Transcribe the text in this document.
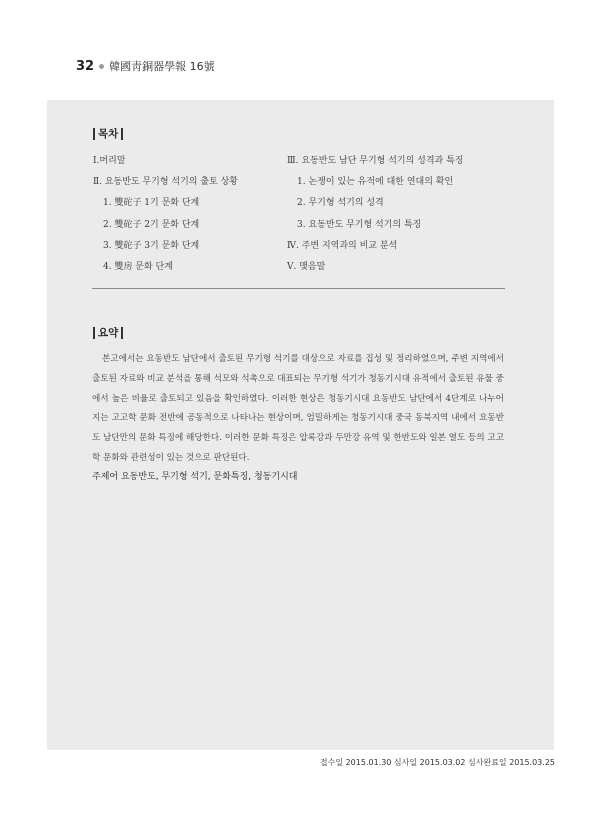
32 韓國靑銅器學報 16號
목차
Ⅰ.머리말
Ⅱ. 요동반도 무기형 석기의 출토 상황
1. 雙砣子 1기 문화 단계
2. 雙砣子 2기 문화 단계
3. 雙砣子 3기 문화 단계
4. 雙房 문화 단계
Ⅲ. 요동반도 남단 무기형 석기의 성격과 특징
1. 논쟁이 있는 유적에 대한 연대의 확인
2. 무기형 석기의 성격
3. 요동반도 무기형 석기의 특징
Ⅳ. 주변 지역과의 비교 분석
Ⅴ. 맺음말
요약
본고에서는 요동반도 남단에서 출토된 무기형 석기를 대상으로 자료를 집성 및 정리하였으며, 주변 지역에서 출토된 자료와 비교 분석을 통해 석모와 석촉으로 대표되는 무기형 석기가 청동기시대 유적에서 출토된 유물 중에서 높은 비율로 출토되고 있음을 확인하였다. 이러한 현상은 청동기시대 요동반도 남단에서 4단계로 나누어지는 고고학 문화 전반에 공동적으로 나타나는 현상이며, 엄밀하게는 청동기시대 중국 동북지역 내에서 요동반도 남단만의 문화 특징에 해당한다. 이러한 문화 특징은 압록강과 두만강 유역 및 한반도와 일본 열도 등의 고고학 문화와 관련성이 있는 것으로 판단된다.
주제어 요동반도, 무기형 석기, 문화특징, 청동기시대
접수일 2015.01.30 심사일 2015.03.02 심사완료일 2015.03.25
